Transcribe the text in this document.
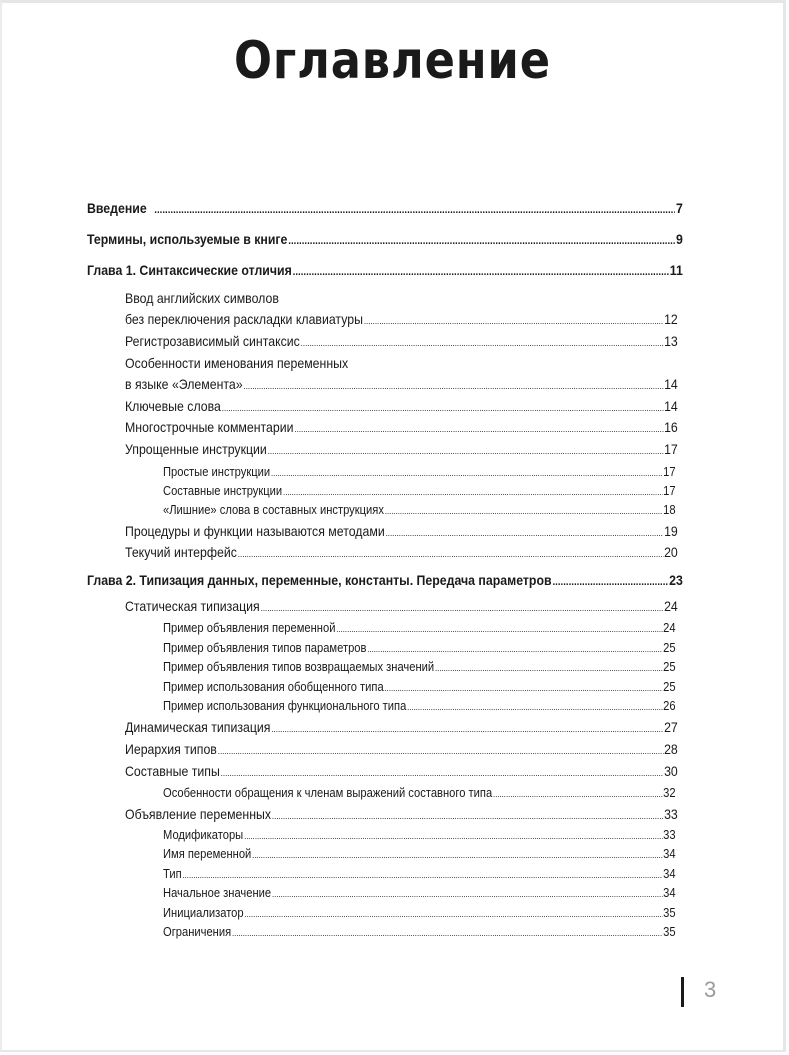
Оглавление
Введение .....	7
Термины, используемые в книге .....	9
Глава 1. Синтаксические отличия .....	11
Ввод английских символов
без переключения раскладки клавиатуры .....	12
Регистрозависимый синтаксис .....	13
Особенности именования переменных
в языке «Элемента» .....	14
Ключевые слова .....	14
Многострочные комментарии .....	16
Упрощенные инструкции .....	17
Простые инструкции .....	17
Составные инструкции .....	17
«Лишние» слова в составных инструкциях .....	18
Процедуры и функции называются методами .....	19
Текучий интерфейс .....	20
Глава 2. Типизация данных, переменные, константы. Передача параметров .....	23
Статическая типизация .....	24
Пример объявления переменной .....	24
Пример объявления типов параметров .....	25
Пример объявления типов возвращаемых значений .....	25
Пример использования обобщенного типа .....	25
Пример использования функционального типа .....	26
Динамическая типизация .....	27
Иерархия типов .....	28
Составные типы .....	30
Особенности обращения к членам выражений составного типа .....	32
Объявление переменных .....	33
Модификаторы .....	33
Имя переменной .....	34
Тип .....	34
Начальное значение .....	34
Инициализатор .....	35
Ограничения .....	35
3
